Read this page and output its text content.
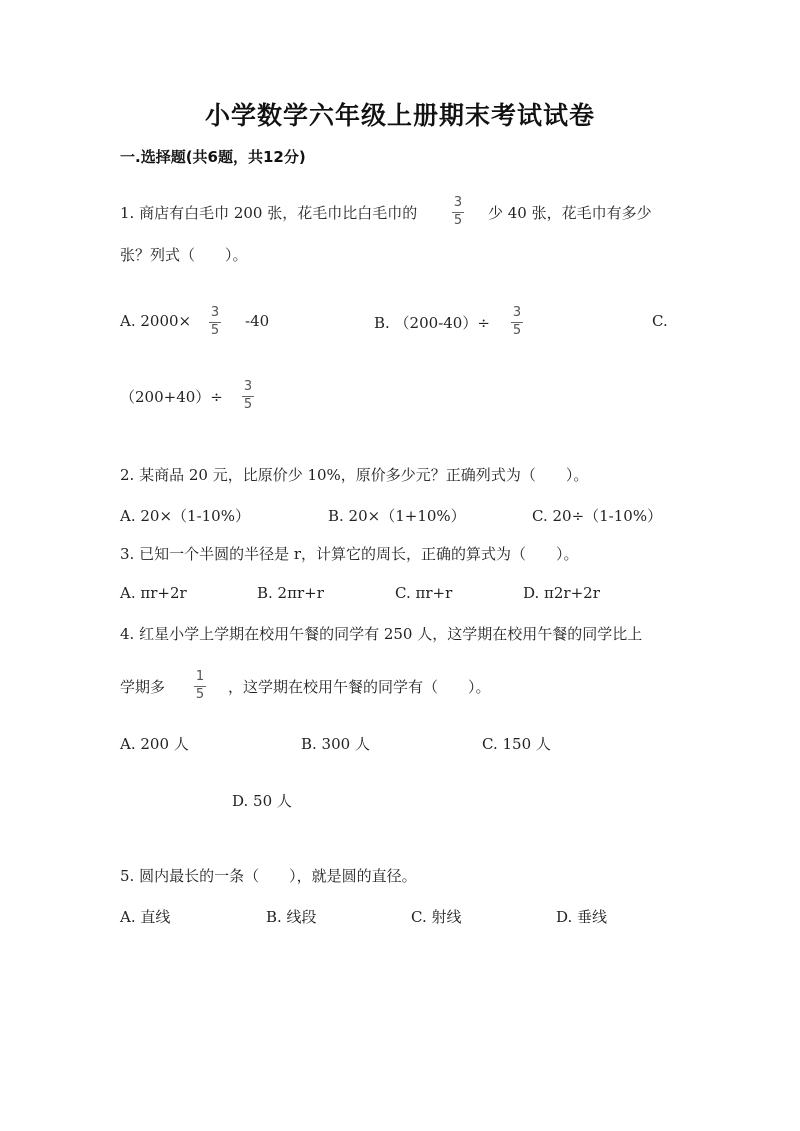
小学数学六年级上册期末考试试卷
一.选择题(共6题，共12分)
1. 商店有白毛巾 200 张，花毛巾比白毛巾的
3
5 少 40 张，花毛巾有多少
张？列式（　　）。
A. 2000× 3
5
-40	B. （200-40）÷
3
5
C.
（200+40）÷
3
5
2. 某商品 20 元，比原价少 10%，原价多少元？正确列式为（　　）。
A. 20×（1-10%）	B. 20×（1+10%）	C. 20÷（1-10%）
3. 已知一个半圆的半径是 r，计算它的周长，正确的算式为（　　）。
A. πr+2r	B. 2πr+r	C. πr+r	D. π2r+2r
4. 红星小学上学期在校用午餐的同学有 250 人，这学期在校用午餐的同学比上
学期多
1
5 ，这学期在校用午餐的同学有（　　）。
A. 200 人	B. 300 人	C. 150 人
D. 50 人
5. 圆内最长的一条（　　），就是圆的直径。
A. 直线	B. 线段	C. 射线	D. 垂线
